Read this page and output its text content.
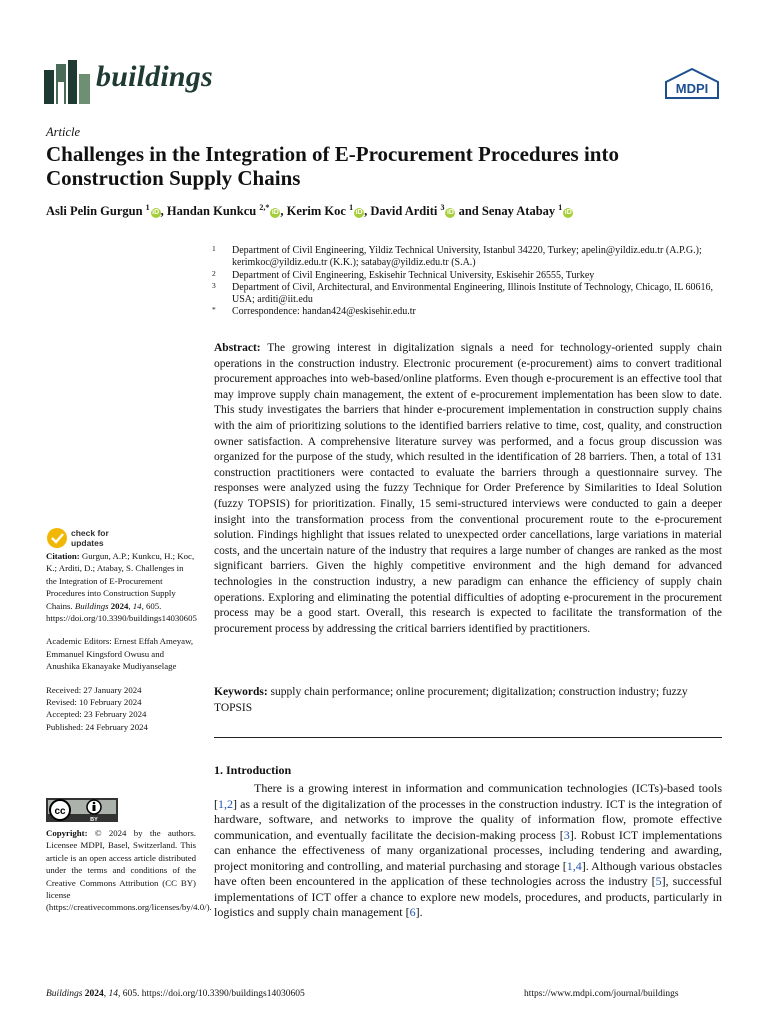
buildings	MDPI
Article
Challenges in the Integration of E-Procurement Procedures into Construction Supply Chains
Asli Pelin Gurgun $^1$iD , Handan Kunkcu $^{2,*}$iD , Kerim Koc $^1$iD , David Arditi $^3$iD and Senay Atabay $^1$iD
1 Department of Civil Engineering, Yildiz Technical University, Istanbul 34220, Turkey; apelin@yildiz.edu.tr (A.P.G.); kerimkoc@yildiz.edu.tr (K.K.); satabay@yildiz.edu.tr (S.A.)
2 Department of Civil Engineering, Eskisehir Technical University, Eskisehir 26555, Turkey
3 Department of Civil, Architectural, and Environmental Engineering, Illinois Institute of Technology, Chicago, IL 60616, USA; arditi@iit.edu
* Correspondence: handan424@eskisehir.edu.tr
Abstract: The growing interest in digitalization signals a need for technology-oriented supply chain operations in the construction industry. Electronic procurement (e-procurement) aims to convert traditional procurement approaches into web-based/online platforms. Even though e-procurement is an effective tool that may improve supply chain management, the extent of e-procurement implementation has been slow to date. This study investigates the barriers that hinder e-procurement implementation in construction supply chains with the aim of prioritizing solutions to the identified barriers relative to time, cost, quality, and construction owner satisfaction. A comprehensive literature survey was performed, and a focus group discussion was organized for the purpose of the study, which resulted in the identification of 28 barriers. Then, a total of 131 construction practitioners were contacted to evaluate the barriers through a questionnaire survey. The responses were analyzed using the fuzzy Technique for Order Preference by Similarities to Ideal Solution (fuzzy TOPSIS) for prioritization. Finally, 15 semi-structured interviews were conducted to gain a deeper insight into the transformation process from the conventional procurement route to the e-procurement solution. Findings highlight that issues related to unexpected order cancellations, large variations in material costs, and the uncertain nature of the industry that requires a large number of changes are ranked as the most significant barriers. Given the highly competitive environment and the high demand for advanced technologies in the construction industry, a new paradigm can enhance the efficiency of supply chain operations. Exploring and eliminating the potential difficulties of adopting e-procurement in the procurement process may be a good start. Overall, this research is expected to facilitate the transformation of the procurement process by addressing the critical barriers identified by practitioners.
Keywords: supply chain performance; online procurement; digitalization; construction industry; fuzzy TOPSIS
1. Introduction
There is a growing interest in information and communication technologies (ICTs)-based tools [1,2] as a result of the digitalization of the processes in the construction industry. ICT is the integration of hardware, software, and networks to improve the quality of information flow, promote effective communication, and eventually facilitate the decision-making process [3]. Robust ICT implementations can enhance the effectiveness of many organizational processes, including tendering and awarding, project monitoring and controlling, and material purchasing and storage [1,4]. Although various obstacles have often been encountered in the application of these technologies across the industry [5], successful implementations of ICT offer a chance to explore new models, procedures, and products, particularly in logistics and supply chain management [6].
check for
updates

Citation: Gurgun, A.P.; Kunkcu, H.; Koc, K.; Arditi, D.; Atabay, S. Challenges in the Integration of E-Procurement Procedures into Construction Supply Chains. Buildings 2024, 14, 605. https://doi.org/10.3390/buildings14030605

Academic Editors: Ernest Effah Ameyaw, Emmanuel Kingsford Owusu and Anushika Ekanayake Mudiyanselage

Received: 27 January 2024

Revised: 10 February 2024

Accepted: 23 February 2024

Published: 24 February 2024

cc
BY
Copyright: © 2024 by the authors. Licensee MDPI, Basel, Switzerland. This article is an open access article distributed under the terms and conditions of the Creative Commons Attribution (CC BY) license (https://creativecommons.org/licenses/by/4.0/).
Buildings 2024, 14, 605. https://doi.org/10.3390/buildings14030605	https://www.mdpi.com/journal/buildings
